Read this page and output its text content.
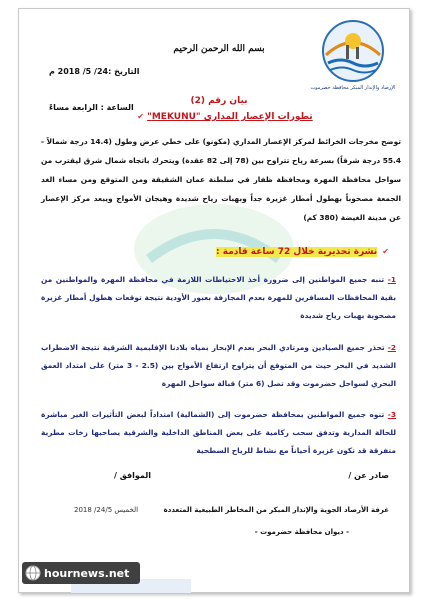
الإرصاد والإنذار المبكر محافظة حضرموت
بسم الله الرحمن الرحيم
التاريخ :24/ 5/ 2018 م
الساعة : الرابعة مساءً
بيان رقم (2)
تطورات الإعصار المداري "MEKUNU" ✔
توضح مخرجات الخرائط لمركز الإعصار المداري (مكونو) على خطي عرض وطول (14.4 درجة شمالاً - 55.4 درجة شرقاً) بسرعة رياح تتراوح بين (78 إلى 82 عقدة) ويتحرك باتجاه شمال شرق ليقترب من سواحل محافظة المهرة ومحافظة ظفار في سلطنة عمان الشقيقة ومن المتوقع ومن مساء الغد الجمعة مصحوباً بهطول أمطار غزيرة جداً وبهبات رياح شديدة وهيجان الأمواج ويبعد مركز الإعصار عن مدينة الغيضة (380 كم)
✔ نشرة تحذيرية خلال 72 ساعة قادمة :
1- تنبه جميع المواطنين إلى ضرورة أخذ الاحتياطات اللازمة في محافظة المهرة والمواطنين من بقية المحافظات المسافرين للمهرة بعدم المجازفة بعبور الأودية نتيجة توقعات هطول أمطار غزيرة مصحوبة بهبات رياح شديدة
2- تحذر جميع الصيادين ومرتادي البحر بعدم الإبحار بمياه بلادنا الإقليمية الشرقية نتيجة الاضطراب الشديد في البحر حيث من المتوقع أن يتراوح ارتفاع الأمواج بين (2.5 - 3 متر) على امتداد العمق البحري لسواحل حضرموت وقد تصل (6 متر) قبالة سواحل المهرة
3- تنوه جميع المواطنين بمحافظة حضرموت إلى (الشمالية) امتداداً لبعض التأثيرات الغير مباشرة للحالة المدارية وتدفق سحب ركامية على بعض المناطق الداخلية والشرقية يصاحبها زخات مطرية متفرقة قد تكون غزيرة أحياناً مع نشاط للرياح السطحية
صادر عن /
الموافق /
غرفة الأرصاد الجوية والإنذار المبكر من المخاطر الطبيعية المتعددة
الخميس 24/5/ 2018
- ديوان محافظة حضرموت -
hournews.net
